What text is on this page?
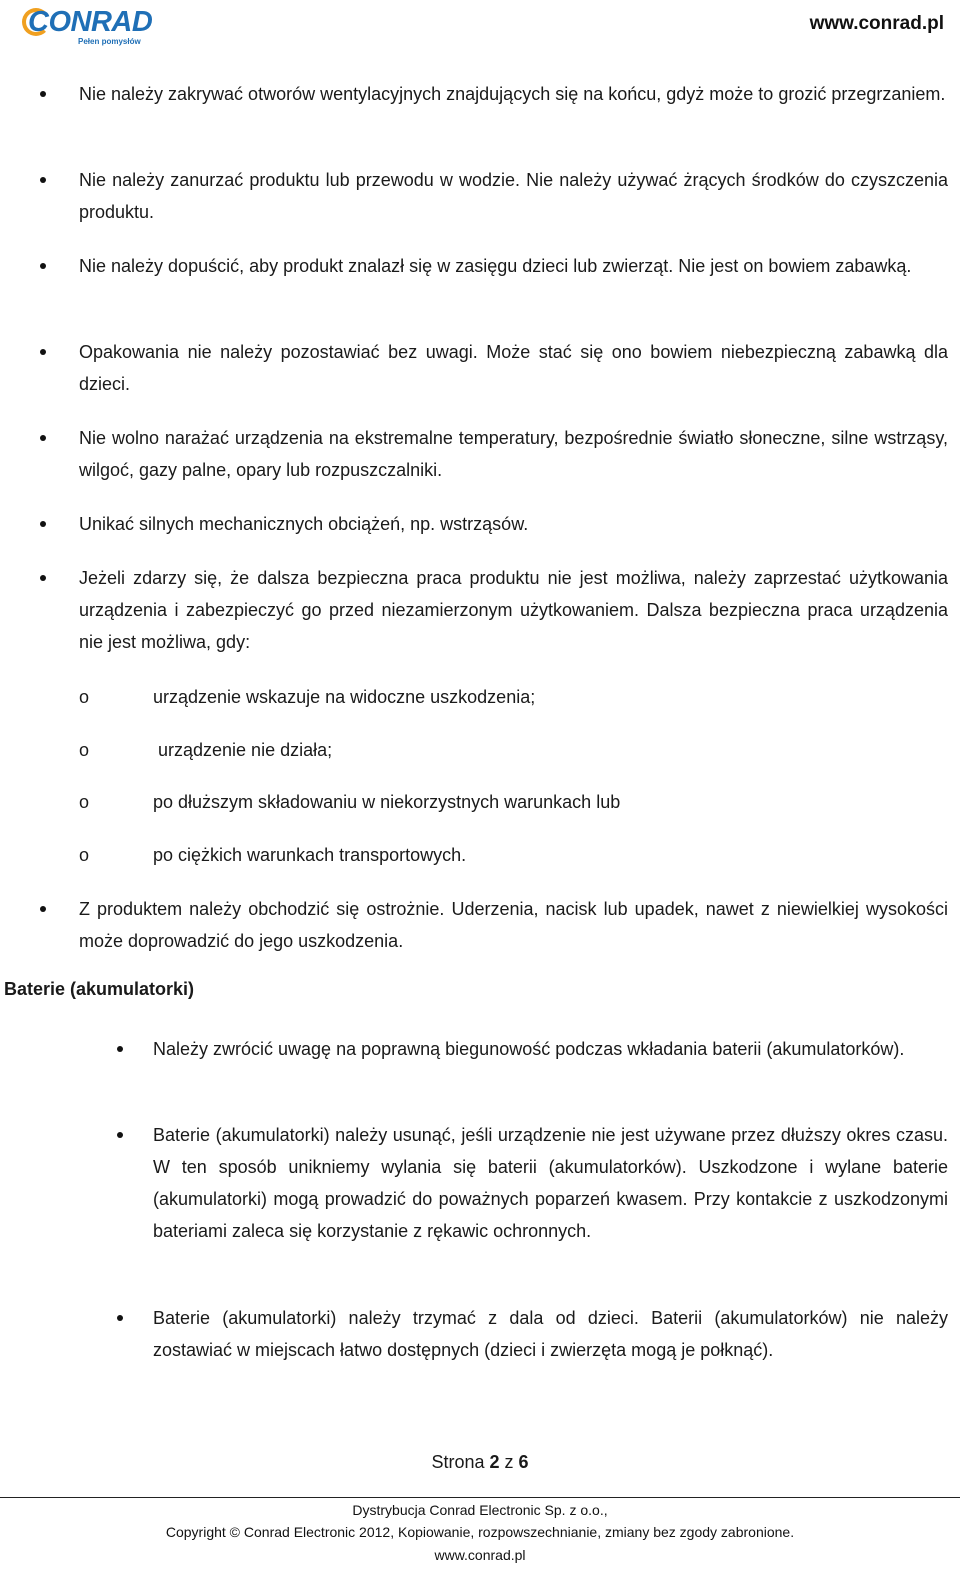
CONRAD
Pełen pomysłów
www.conrad.pl
Nie należy zakrywać otworów wentylacyjnych znajdujących się na końcu, gdyż może to grozić przegrzaniem.
Nie należy zanurzać produktu lub przewodu w wodzie. Nie należy używać żrących środków do czyszczenia produktu.
Nie należy dopuścić, aby produkt znalazł się w zasięgu dzieci lub zwierząt. Nie jest on bowiem zabawką.
Opakowania nie należy pozostawiać bez uwagi. Może stać się ono bowiem niebezpieczną zabawką dla dzieci.
Nie wolno narażać urządzenia na ekstremalne temperatury, bezpośrednie światło słoneczne, silne wstrząsy, wilgoć, gazy palne, opary lub rozpuszczalniki.
Unikać silnych mechanicznych obciążeń, np. wstrząsów.
Jeżeli zdarzy się, że dalsza bezpieczna praca produktu nie jest możliwa, należy zaprzestać użytkowania urządzenia i zabezpieczyć go przed niezamierzonym użytkowaniem. Dalsza bezpieczna praca urządzenia nie jest możliwa, gdy:
o	urządzenie wskazuje na widoczne uszkodzenia;
o	urządzenie nie działa;
o	po dłuższym składowaniu w niekorzystnych warunkach lub
o	po ciężkich warunkach transportowych.
Z produktem należy obchodzić się ostrożnie. Uderzenia, nacisk lub upadek, nawet z niewielkiej wysokości może doprowadzić do jego uszkodzenia.
Baterie (akumulatorki)
Należy zwrócić uwagę na poprawną biegunowość podczas wkładania baterii (akumulatorków).
Baterie (akumulatorki) należy usunąć, jeśli urządzenie nie jest używane przez dłuższy okres czasu. W ten sposób unikniemy wylania się baterii (akumulatorków). Uszkodzone i wylane baterie (akumulatorki) mogą prowadzić do poważnych poparzeń kwasem. Przy kontakcie z uszkodzonymi bateriami zaleca się korzystanie z rękawic ochronnych.
Baterie (akumulatorki) należy trzymać z dala od dzieci. Baterii (akumulatorków) nie należy zostawiać w miejscach łatwo dostępnych (dzieci i zwierzęta mogą je połknąć).
Strona 2 z 6
Dystrybucja Conrad Electronic Sp. z o.o.,
Copyright © Conrad Electronic 2012, Kopiowanie, rozpowszechnianie, zmiany bez zgody zabronione.
www.conrad.pl
